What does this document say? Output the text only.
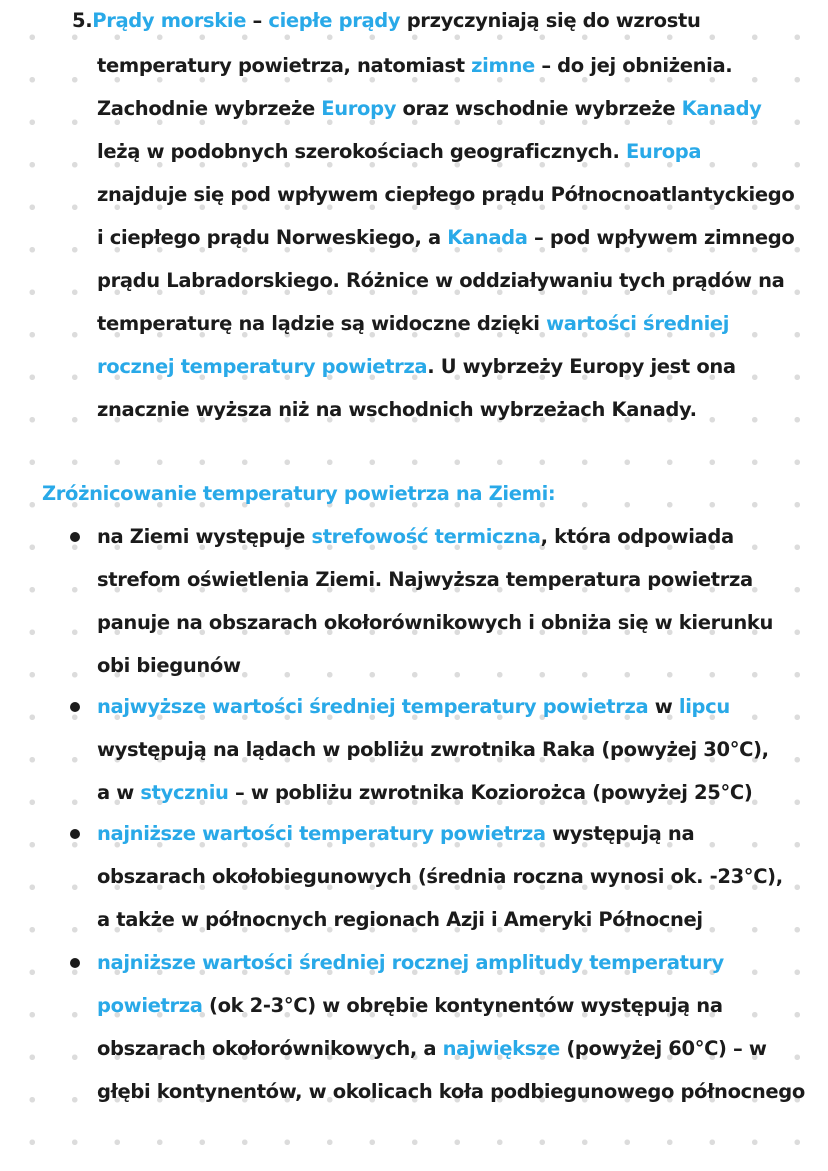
5.Prądy morskie – ciepłe prądy przyczyniają się do wzrostu
temperatury powietrza, natomiast zimne – do jej obniżenia.
Zachodnie wybrzeże Europy oraz wschodnie wybrzeże Kanady
leżą w podobnych szerokościach geograficznych. Europa
znajduje się pod wpływem ciepłego prądu Północnoatlantyckiego
i ciepłego prądu Norweskiego, a Kanada – pod wpływem zimnego
prądu Labradorskiego. Różnice w oddziaływaniu tych prądów na
temperaturę na lądzie są widoczne dzięki wartości średniej
rocznej temperatury powietrza. U wybrzeży Europy jest ona
znacznie wyższa niż na wschodnich wybrzeżach Kanady.
Zróżnicowanie temperatury powietrza na Ziemi:
na Ziemi występuje strefowość termiczna, która odpowiada
strefom oświetlenia Ziemi. Najwyższa temperatura powietrza
panuje na obszarach okołorównikowych i obniża się w kierunku
obi biegunów
najwyższe wartości średniej temperatury powietrza w lipcu
występują na lądach w pobliżu zwrotnika Raka (powyżej 30°C),
a w styczniu – w pobliżu zwrotnika Koziorożca (powyżej 25°C)
najniższe wartości temperatury powietrza występują na
obszarach okołobiegunowych (średnia roczna wynosi ok. -23°C),
a także w północnych regionach Azji i Ameryki Północnej
najniższe wartości średniej rocznej amplitudy temperatury
powietrza (ok 2-3°C) w obrębie kontynentów występują na
obszarach okołorównikowych, a największe (powyżej 60°C) – w
głębi kontynentów, w okolicach koła podbiegunowego północnego
